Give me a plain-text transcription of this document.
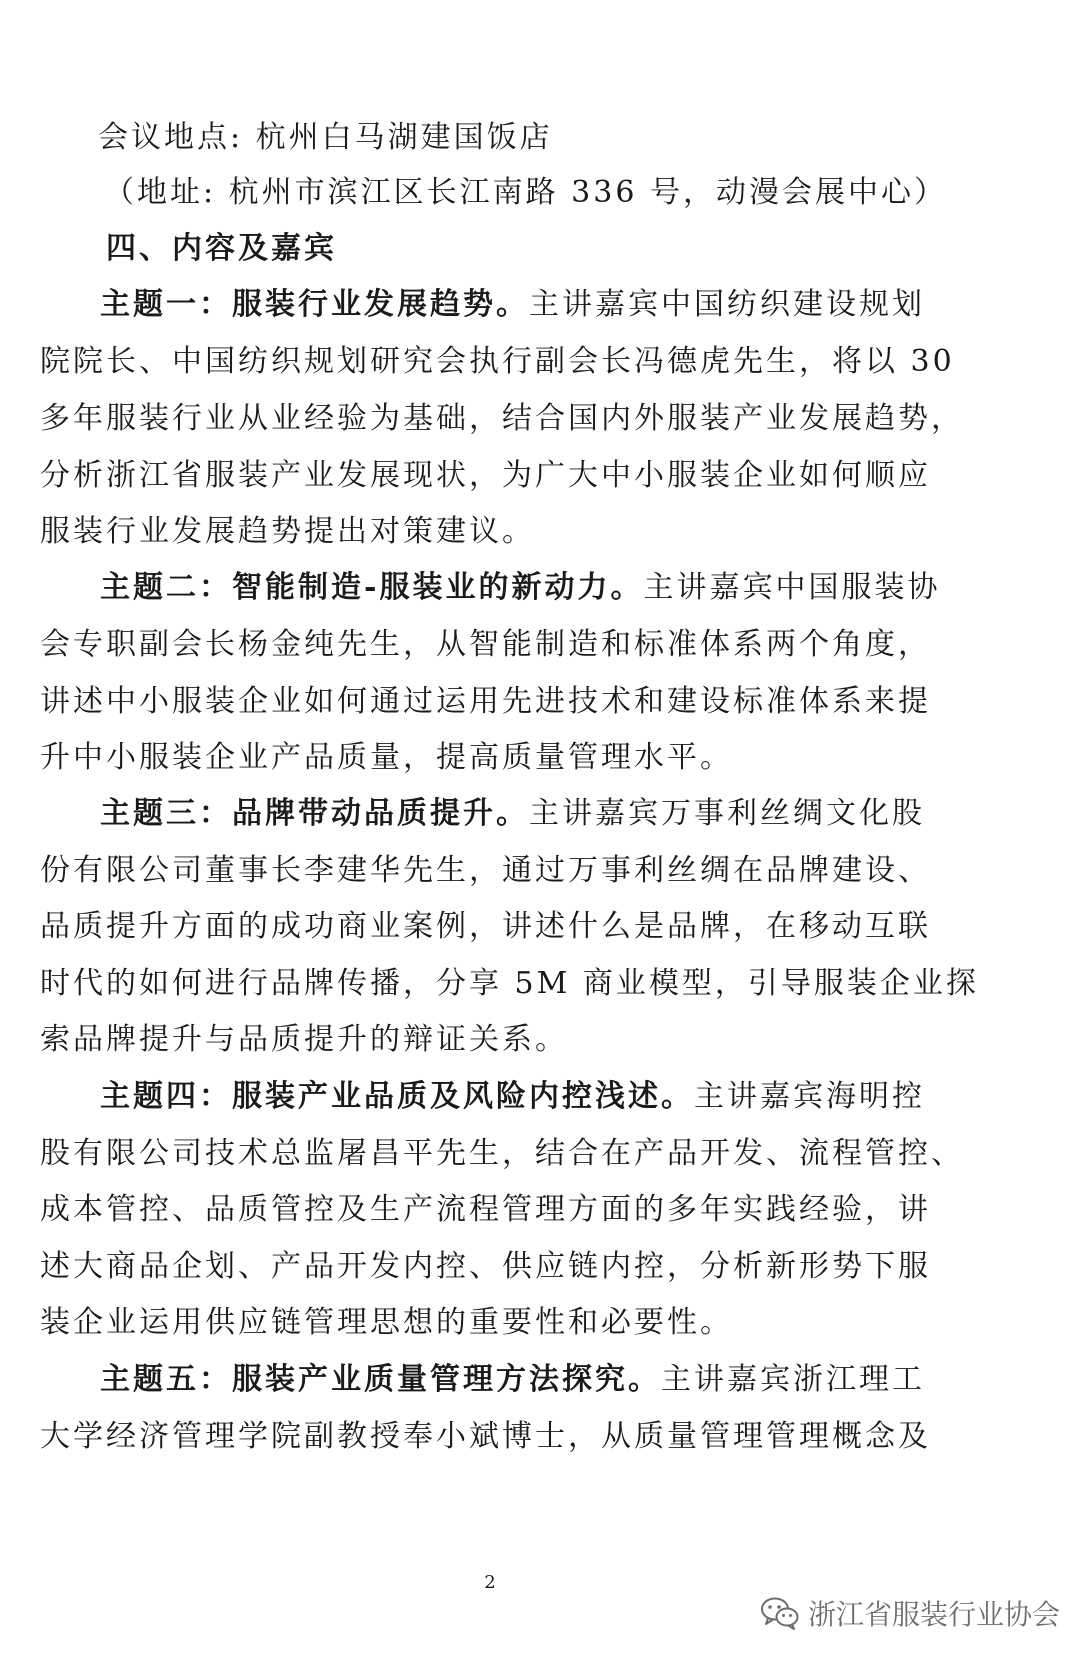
会议地点: 杭州白马湖建国饭店
（地址: 杭州市滨江区长江南路 336 号，动漫会展中心）
四、内容及嘉宾
主题一：服装行业发展趋势。主讲嘉宾中国纺织建设规划
院院长、中国纺织规划研究会执行副会长冯德虎先生，将以 30
多年服装行业从业经验为基础，结合国内外服装产业发展趋势，
分析浙江省服装产业发展现状，为广大中小服装企业如何顺应
服装行业发展趋势提出对策建议。
主题二：智能制造-服装业的新动力。主讲嘉宾中国服装协
会专职副会长杨金纯先生，从智能制造和标准体系两个角度，
讲述中小服装企业如何通过运用先进技术和建设标准体系来提
升中小服装企业产品质量，提高质量管理水平。
主题三：品牌带动品质提升。主讲嘉宾万事利丝绸文化股
份有限公司董事长李建华先生，通过万事利丝绸在品牌建设、
品质提升方面的成功商业案例，讲述什么是品牌，在移动互联
时代的如何进行品牌传播，分享 5M 商业模型，引导服装企业探
索品牌提升与品质提升的辩证关系。
主题四：服装产业品质及风险内控浅述。主讲嘉宾海明控
股有限公司技术总监屠昌平先生，结合在产品开发、流程管控、
成本管控、品质管控及生产流程管理方面的多年实践经验，讲
述大商品企划、产品开发内控、供应链内控，分析新形势下服
装企业运用供应链管理思想的重要性和必要性。
主题五：服装产业质量管理方法探究。主讲嘉宾浙江理工
大学经济管理学院副教授奉小斌博士，从质量管理管理概念及
2
浙江省服装行业协会
